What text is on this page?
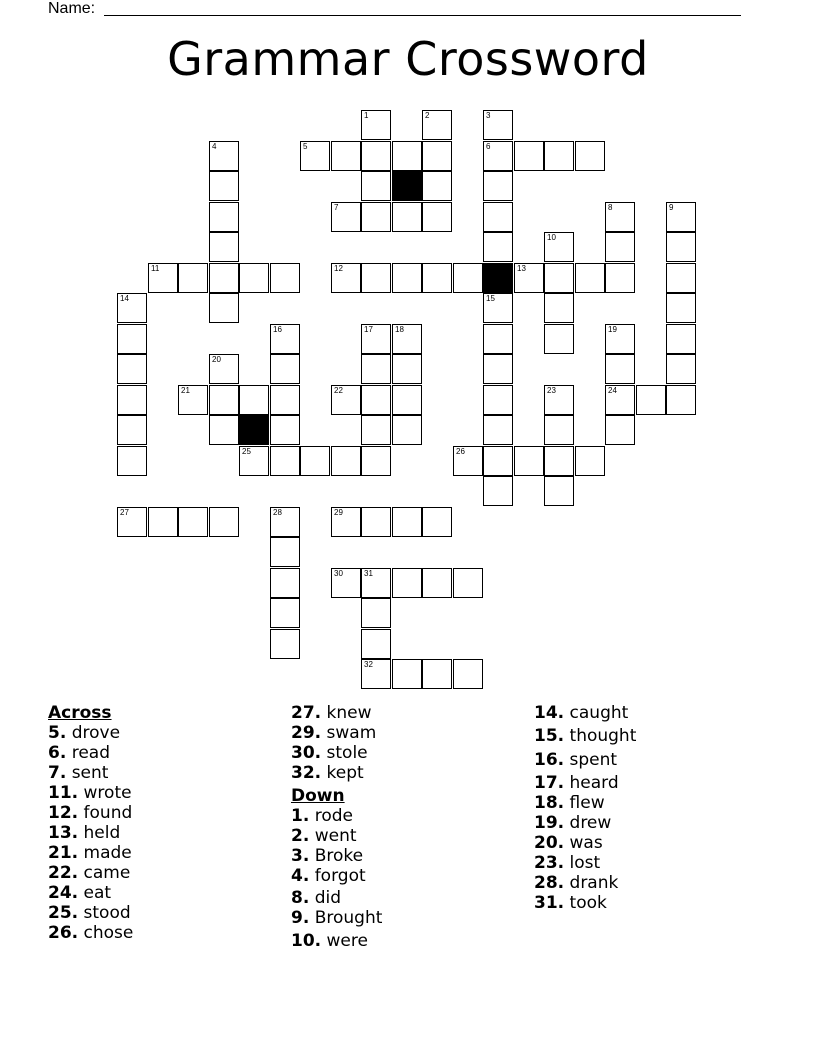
Name:
Grammar Crossword
1	2	3
4	5	6
7	8	9
10
11	12	13
14	15
16	17	18	19
20
21	22	23	24
25	26
27	28	29
30	31
32
Across
5. drove
6. read
7. sent
11. wrote
12. found
13. held
21. made
22. came
24. eat
25. stood
26. chose
27. knew
29. swam
30. stole
32. kept
Down
1. rode
2. went
3. Broke
4. forgot
8. did
9. Brought
10. were
14. caught
15. thought
16. spent
17. heard
18. flew
19. drew
20. was
23. lost
28. drank
31. took
